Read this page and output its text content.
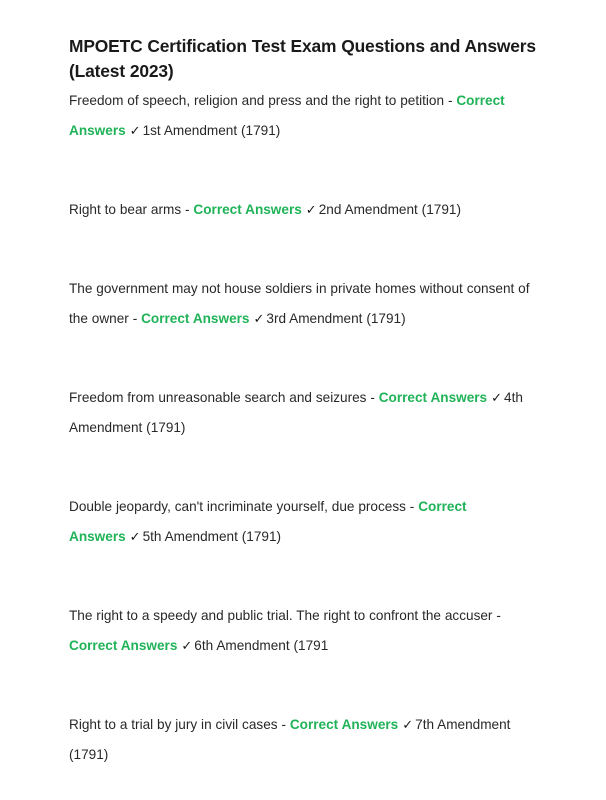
MPOETC Certification Test Exam Questions and Answers (Latest 2023)

Freedom of speech, religion and press and the right to petition - Correct Answers ✓ 1st Amendment (1791)

Right to bear arms - Correct Answers ✓ 2nd Amendment (1791)

The government may not house soldiers in private homes without consent of the owner - Correct Answers ✓ 3rd Amendment (1791)

Freedom from unreasonable search and seizures - Correct Answers ✓ 4th Amendment (1791)

Double jeopardy, can't incriminate yourself, due process - Correct Answers ✓ 5th Amendment (1791)

The right to a speedy and public trial. The right to confront the accuser - Correct Answers ✓ 6th Amendment (1791

Right to a trial by jury in civil cases - Correct Answers ✓ 7th Amendment (1791)
